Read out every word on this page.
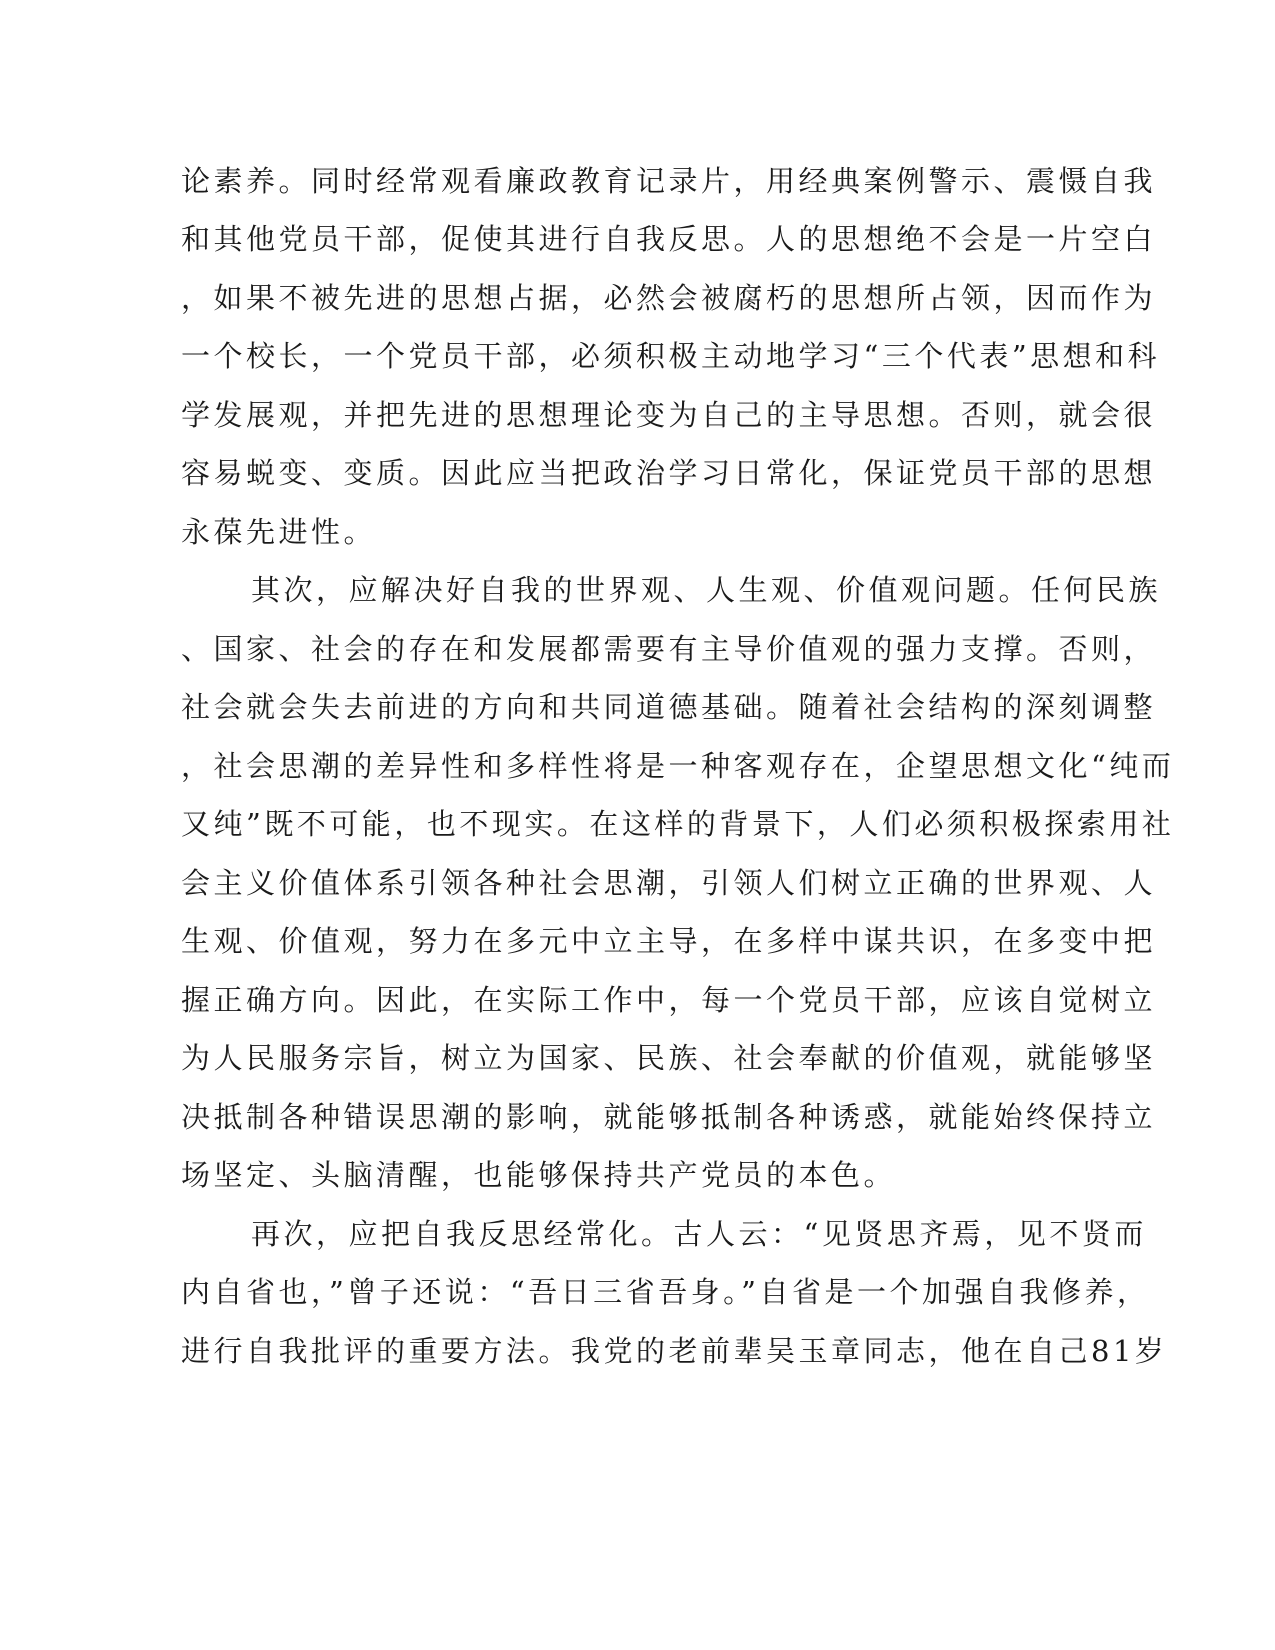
论素养。同时经常观看廉政教育记录片，用经典案例警示、震慑自我

和其他党员干部，促使其进行自我反思。人的思想绝不会是一片空白

，如果不被先进的思想占据，必然会被腐朽的思想所占领，因而作为

一个校长，一个党员干部，必须积极主动地学习“三个代表”思想和科

学发展观，并把先进的思想理论变为自己的主导思想。否则，就会很

容易蜕变、变质。因此应当把政治学习日常化，保证党员干部的思想

永葆先进性。

其次，应解决好自我的世界观、人生观、价值观问题。任何民族

、国家、社会的存在和发展都需要有主导价值观的强力支撑。否则，

社会就会失去前进的方向和共同道德基础。随着社会结构的深刻调整

，社会思潮的差异性和多样性将是一种客观存在，企望思想文化“纯而

又纯”既不可能，也不现实。在这样的背景下，人们必须积极探索用社

会主义价值体系引领各种社会思潮，引领人们树立正确的世界观、人

生观、价值观，努力在多元中立主导，在多样中谋共识，在多变中把

握正确方向。因此，在实际工作中，每一个党员干部，应该自觉树立

为人民服务宗旨，树立为国家、民族、社会奉献的价值观，就能够坚

决抵制各种错误思潮的影响，就能够抵制各种诱惑，就能始终保持立

场坚定、头脑清醒，也能够保持共产党员的本色。

再次，应把自我反思经常化。古人云：“见贤思齐焉，见不贤而

内自省也，”曾子还说：“吾日三省吾身。”自省是一个加强自我修养，

进行自我批评的重要方法。我党的老前辈吴玉章同志，他在自己81岁
